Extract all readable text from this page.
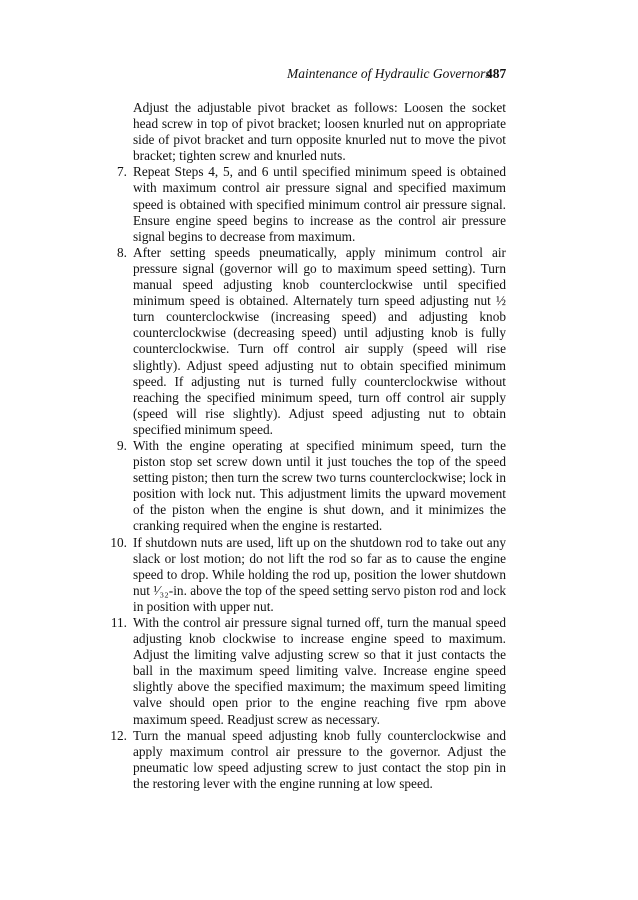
Maintenance of Hydraulic Governors
487

Adjust the adjustable pivot bracket as follows: Loosen the socket head screw in top of pivot bracket; loosen knurled nut on appropriate side of pivot bracket and turn opposite knurled nut to move the pivot bracket; tighten screw and knurled nuts.

7. Repeat Steps 4, 5, and 6 until specified minimum speed is obtained with maximum control air pressure signal and specified maximum speed is obtained with specified minimum control air pressure signal. Ensure engine speed begins to increase as the control air pressure signal begins to decrease from maximum.
8. After setting speeds pneumatically, apply minimum control air pressure signal (governor will go to maximum speed setting). Turn manual speed adjusting knob counterclockwise until specified minimum speed is obtained. Alternately turn speed adjusting nut ½ turn counterclockwise (increasing speed) and adjusting knob counterclockwise (decreasing speed) until adjusting knob is fully counterclockwise. Turn off control air supply (speed will rise slightly). Adjust speed adjusting nut to obtain specified minimum speed. If adjusting nut is turned fully counterclockwise without reaching the specified minimum speed, turn off control air supply (speed will rise slightly). Adjust speed adjusting nut to obtain specified minimum speed.
9. With the engine operating at specified minimum speed, turn the piston stop set screw down until it just touches the top of the speed setting piston; then turn the screw two turns counterclockwise; lock in position with lock nut. This adjustment limits the upward movement of the piston when the engine is shut down, and it minimizes the cranking required when the engine is restarted.
10. If shutdown nuts are used, lift up on the shutdown rod to take out any slack or lost motion; do not lift the rod so far as to cause the engine speed to drop. While holding the rod up, position the lower shutdown nut ¹⁄₃₂-in. above the top of the speed setting servo piston rod and lock in position with upper nut.
11. With the control air pressure signal turned off, turn the manual speed adjusting knob clockwise to increase engine speed to maximum. Adjust the limiting valve adjusting screw so that it just contacts the ball in the maximum speed limiting valve. Increase engine speed slightly above the specified maximum; the maximum speed limiting valve should open prior to the engine reaching five rpm above maximum speed. Readjust screw as necessary.
12. Turn the manual speed adjusting knob fully counterclockwise and apply maximum control air pressure to the governor. Adjust the pneumatic low speed adjusting screw to just contact the stop pin in the restoring lever with the engine running at low speed.
